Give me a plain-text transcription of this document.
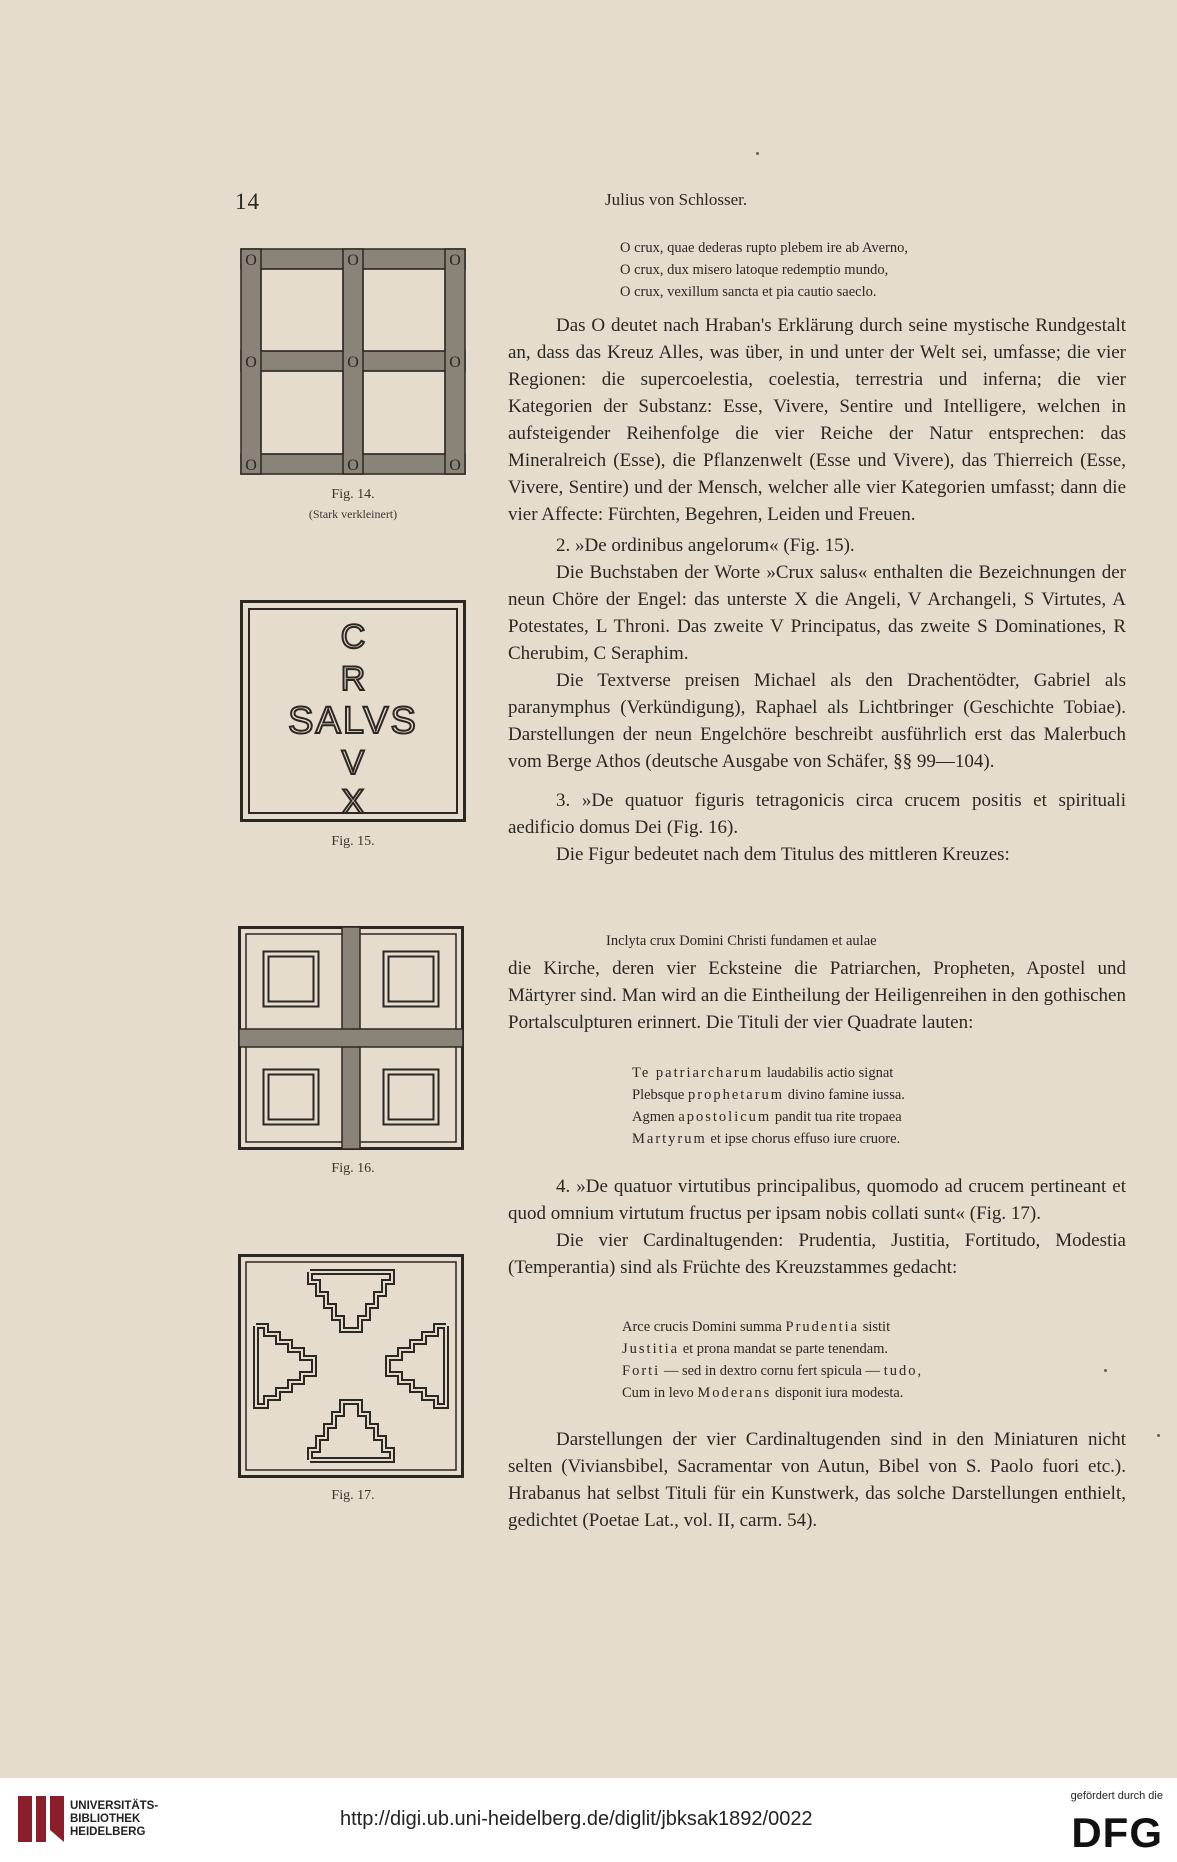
14	Julius von Schlosser.
O	O	O
O	O	O
O	O	O
Fig. 14.
(Stark verkleinert)
C
R
SALVS
V
X
Fig. 15.
Fig. 16.
Fig. 17.

O crux, quae dederas rupto plebem ire ab Averno,
O crux, dux misero latoque redemptio mundo,
O crux, vexillum sancta et pia cautio saeclo.

Das O deutet nach Hraban's Erklärung durch seine mystische Rundgestalt an, dass das Kreuz Alles, was über, in und unter der Welt sei, umfasse; die vier Regionen: die supercoelestia, coelestia, terrestria und inferna; die vier Kategorien der Substanz: Esse, Vivere, Sentire und Intelligere, welchen in aufsteigender Reihenfolge die vier Reiche der Natur entsprechen: das Mineralreich (Esse), die Pflanzenwelt (Esse und Vivere), das Thierreich (Esse, Vivere, Sentire) und der Mensch, welcher alle vier Kategorien umfasst; dann die vier Affecte: Fürchten, Begehren, Leiden und Freuen.

2. »De ordinibus angelorum« (Fig. 15).

Die Buchstaben der Worte »Crux salus« enthalten die Bezeichnungen der neun Chöre der Engel: das unterste X die Angeli, V Archangeli, S Virtutes, A Potestates, L Throni. Das zweite V Principatus, das zweite S Dominationes, R Cherubim, C Seraphim.

Die Textverse preisen Michael als den Drachentödter, Gabriel als paranymphus (Verkündigung), Raphael als Lichtbringer (Geschichte Tobiae). Darstellungen der neun Engelchöre beschreibt ausführlich erst das Malerbuch vom Berge Athos (deutsche Ausgabe von Schäfer, §§ 99—104).

3. »De quatuor figuris tetragonicis circa crucem positis et spirituali aedificio domus Dei (Fig. 16).

Die Figur bedeutet nach dem Titulus des mittleren Kreuzes:

Inclyta crux Domini Christi fundamen et aulae

die Kirche, deren vier Ecksteine die Patriarchen, Propheten, Apostel und Märtyrer sind. Man wird an die Eintheilung der Heiligenreihen in den gothischen Portalsculpturen erinnert. Die Tituli der vier Quadrate lauten:

Te patriarcharum laudabilis actio signat
Plebsque prophetarum divino famine iussa.
Agmen apostolicum pandit tua rite tropaea
Martyrum et ipse chorus effuso iure cruore.

4. »De quatuor virtutibus principalibus, quomodo ad crucem pertineant et quod omnium virtutum fructus per ipsam nobis collati sunt« (Fig. 17).

Die vier Cardinaltugenden: Prudentia, Justitia, Fortitudo, Modestia (Temperantia) sind als Früchte des Kreuzstammes gedacht:

Arce crucis Domini summa Prudentia sistit
Justitia et prona mandat se parte tenendam.
Forti — sed in dextro cornu fert spicula — tudo,
Cum in levo Moderans disponit iura modesta.

Darstellungen der vier Cardinaltugenden sind in den Miniaturen nicht selten (Viviansbibel, Sacramentar von Autun, Bibel von S. Paolo fuori etc.). Hrabanus hat selbst Tituli für ein Kunstwerk, das solche Darstellungen enthielt, gedichtet (Poetae Lat., vol. II, carm. 54).

UNIVERSITÄTS-
BIBLIOTHEK
HEIDELBERG
http://digi.ub.uni-heidelberg.de/diglit/jbksak1892/0022
gefördert durch die
DFG
